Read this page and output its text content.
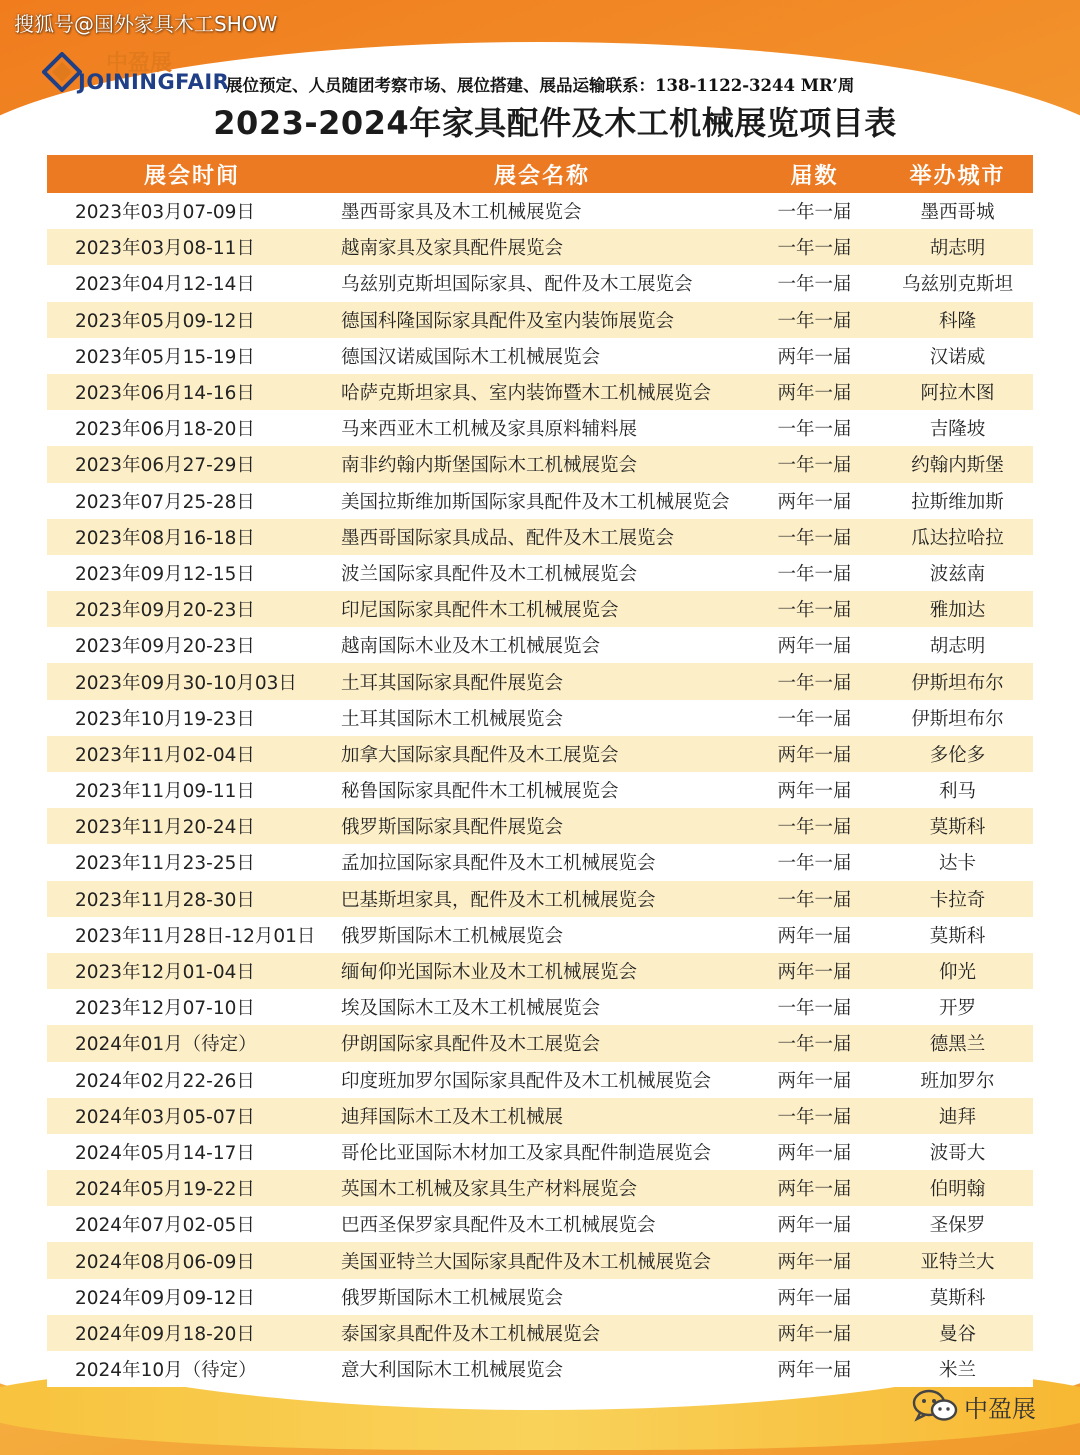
搜狐号@国外家具木工SHOW
中盈展
JOININGFAIR
展位预定、人员随团考察市场、展位搭建、展品运输联系：138-1122-3244 MR’周
2023-2024年家具配件及木工机械展览项目表
展会时间	展会名称	届数	举办城市
2023年03月07-09日	墨西哥家具及木工机械展览会	一年一届	墨西哥城
2023年03月08-11日	越南家具及家具配件展览会	一年一届	胡志明
2023年04月12-14日	乌兹别克斯坦国际家具、配件及木工展览会	一年一届	乌兹别克斯坦
2023年05月09-12日	德国科隆国际家具配件及室内装饰展览会	一年一届	科隆
2023年05月15-19日	德国汉诺威国际木工机械展览会	两年一届	汉诺威
2023年06月14-16日	哈萨克斯坦家具、室内装饰暨木工机械展览会	两年一届	阿拉木图
2023年06月18-20日	马来西亚木工机械及家具原料辅料展	一年一届	吉隆坡
2023年06月27-29日	南非约翰内斯堡国际木工机械展览会	一年一届	约翰内斯堡
2023年07月25-28日	美国拉斯维加斯国际家具配件及木工机械展览会	两年一届	拉斯维加斯
2023年08月16-18日	墨西哥国际家具成品、配件及木工展览会	一年一届	瓜达拉哈拉
2023年09月12-15日	波兰国际家具配件及木工机械展览会	一年一届	波兹南
2023年09月20-23日	印尼国际家具配件木工机械展览会	一年一届	雅加达
2023年09月20-23日	越南国际木业及木工机械展览会	两年一届	胡志明
2023年09月30-10月03日	土耳其国际家具配件展览会	一年一届	伊斯坦布尔
2023年10月19-23日	土耳其国际木工机械展览会	一年一届	伊斯坦布尔
2023年11月02-04日	加拿大国际家具配件及木工展览会	两年一届	多伦多
2023年11月09-11日	秘鲁国际家具配件木工机械展览会	两年一届	利马
2023年11月20-24日	俄罗斯国际家具配件展览会	一年一届	莫斯科
2023年11月23-25日	孟加拉国际家具配件及木工机械展览会	一年一届	达卡
2023年11月28-30日	巴基斯坦家具，配件及木工机械展览会	一年一届	卡拉奇
2023年11月28日-12月01日	俄罗斯国际木工机械展览会	两年一届	莫斯科
2023年12月01-04日	缅甸仰光国际木业及木工机械展览会	两年一届	仰光
2023年12月07-10日	埃及国际木工及木工机械展览会	一年一届	开罗
2024年01月（待定）	伊朗国际家具配件及木工展览会	一年一届	德黑兰
2024年02月22-26日	印度班加罗尔国际家具配件及木工机械展览会	两年一届	班加罗尔
2024年03月05-07日	迪拜国际木工及木工机械展	一年一届	迪拜
2024年05月14-17日	哥伦比亚国际木材加工及家具配件制造展览会	两年一届	波哥大
2024年05月19-22日	英国木工机械及家具生产材料展览会	两年一届	伯明翰
2024年07月02-05日	巴西圣保罗家具配件及木工机械展览会	两年一届	圣保罗
2024年08月06-09日	美国亚特兰大国际家具配件及木工机械展览会	两年一届	亚特兰大
2024年09月09-12日	俄罗斯国际木工机械展览会	两年一届	莫斯科
2024年09月18-20日	泰国家具配件及木工机械展览会	两年一届	曼谷
2024年10月（待定）	意大利国际木工机械展览会	两年一届	米兰
中盈展
